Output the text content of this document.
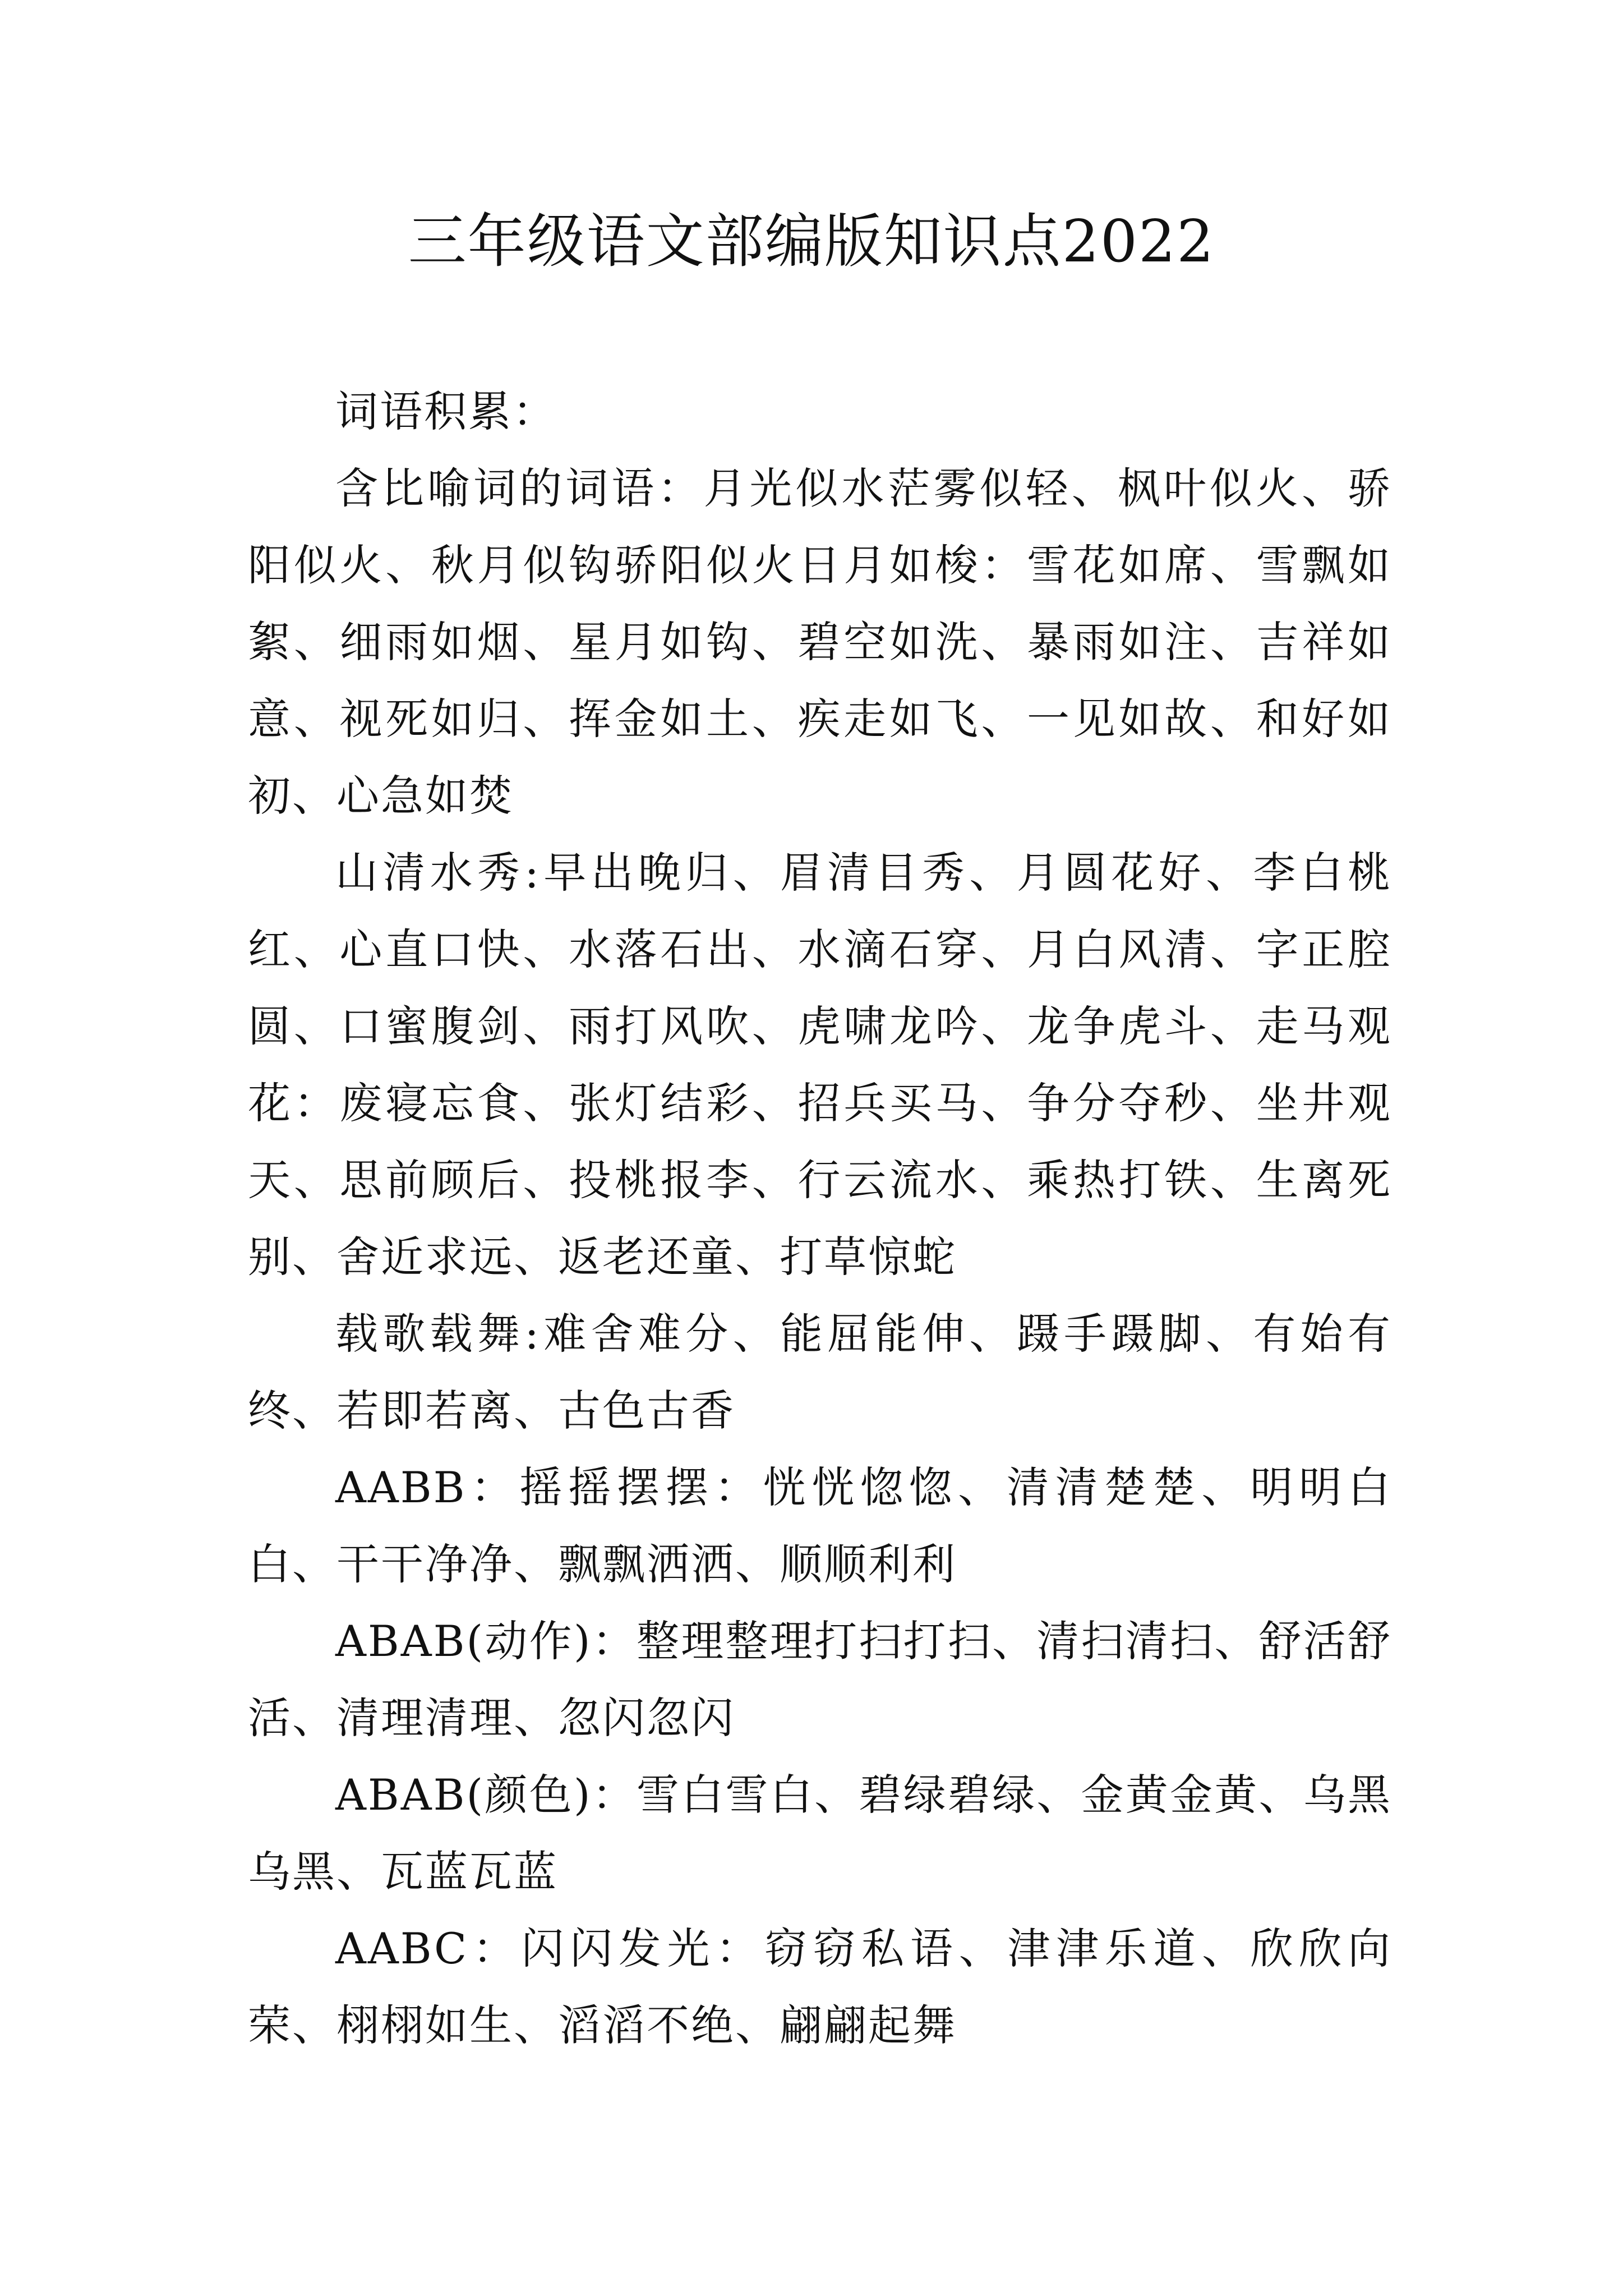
三年级语文部编版知识点2022

词语积累：

含比喻词的词语：月光似水茫雾似轻、枫叶似火、骄阳似火、秋月似钩骄阳似火日月如梭：雪花如席、雪飘如絮、细雨如烟、星月如钩、碧空如洗、暴雨如注、吉祥如意、视死如归、挥金如土、疾走如飞、一见如故、和好如初、心急如焚

山清水秀:早出晚归、眉清目秀、月圆花好、李白桃红、心直口快、水落石出、水滴石穿、月白风清、字正腔圆、口蜜腹剑、雨打风吹、虎啸龙吟、龙争虎斗、走马观花：废寝忘食、张灯结彩、招兵买马、争分夺秒、坐井观天、思前顾后、投桃报李、行云流水、乘热打铁、生离死别、舍近求远、返老还童、打草惊蛇

载歌载舞:难舍难分、能屈能伸、蹑手蹑脚、有始有终、若即若离、古色古香

AABB：摇摇摆摆：恍恍惚惚、清清楚楚、明明白白、干干净净、飘飘洒洒、顺顺利利

ABAB(动作)：整理整理打扫打扫、清扫清扫、舒活舒活、清理清理、忽闪忽闪

ABAB(颜色)：雪白雪白、碧绿碧绿、金黄金黄、乌黑乌黑、瓦蓝瓦蓝

AABC：闪闪发光：窃窃私语、津津乐道、欣欣向荣、栩栩如生、滔滔不绝、翩翩起舞
